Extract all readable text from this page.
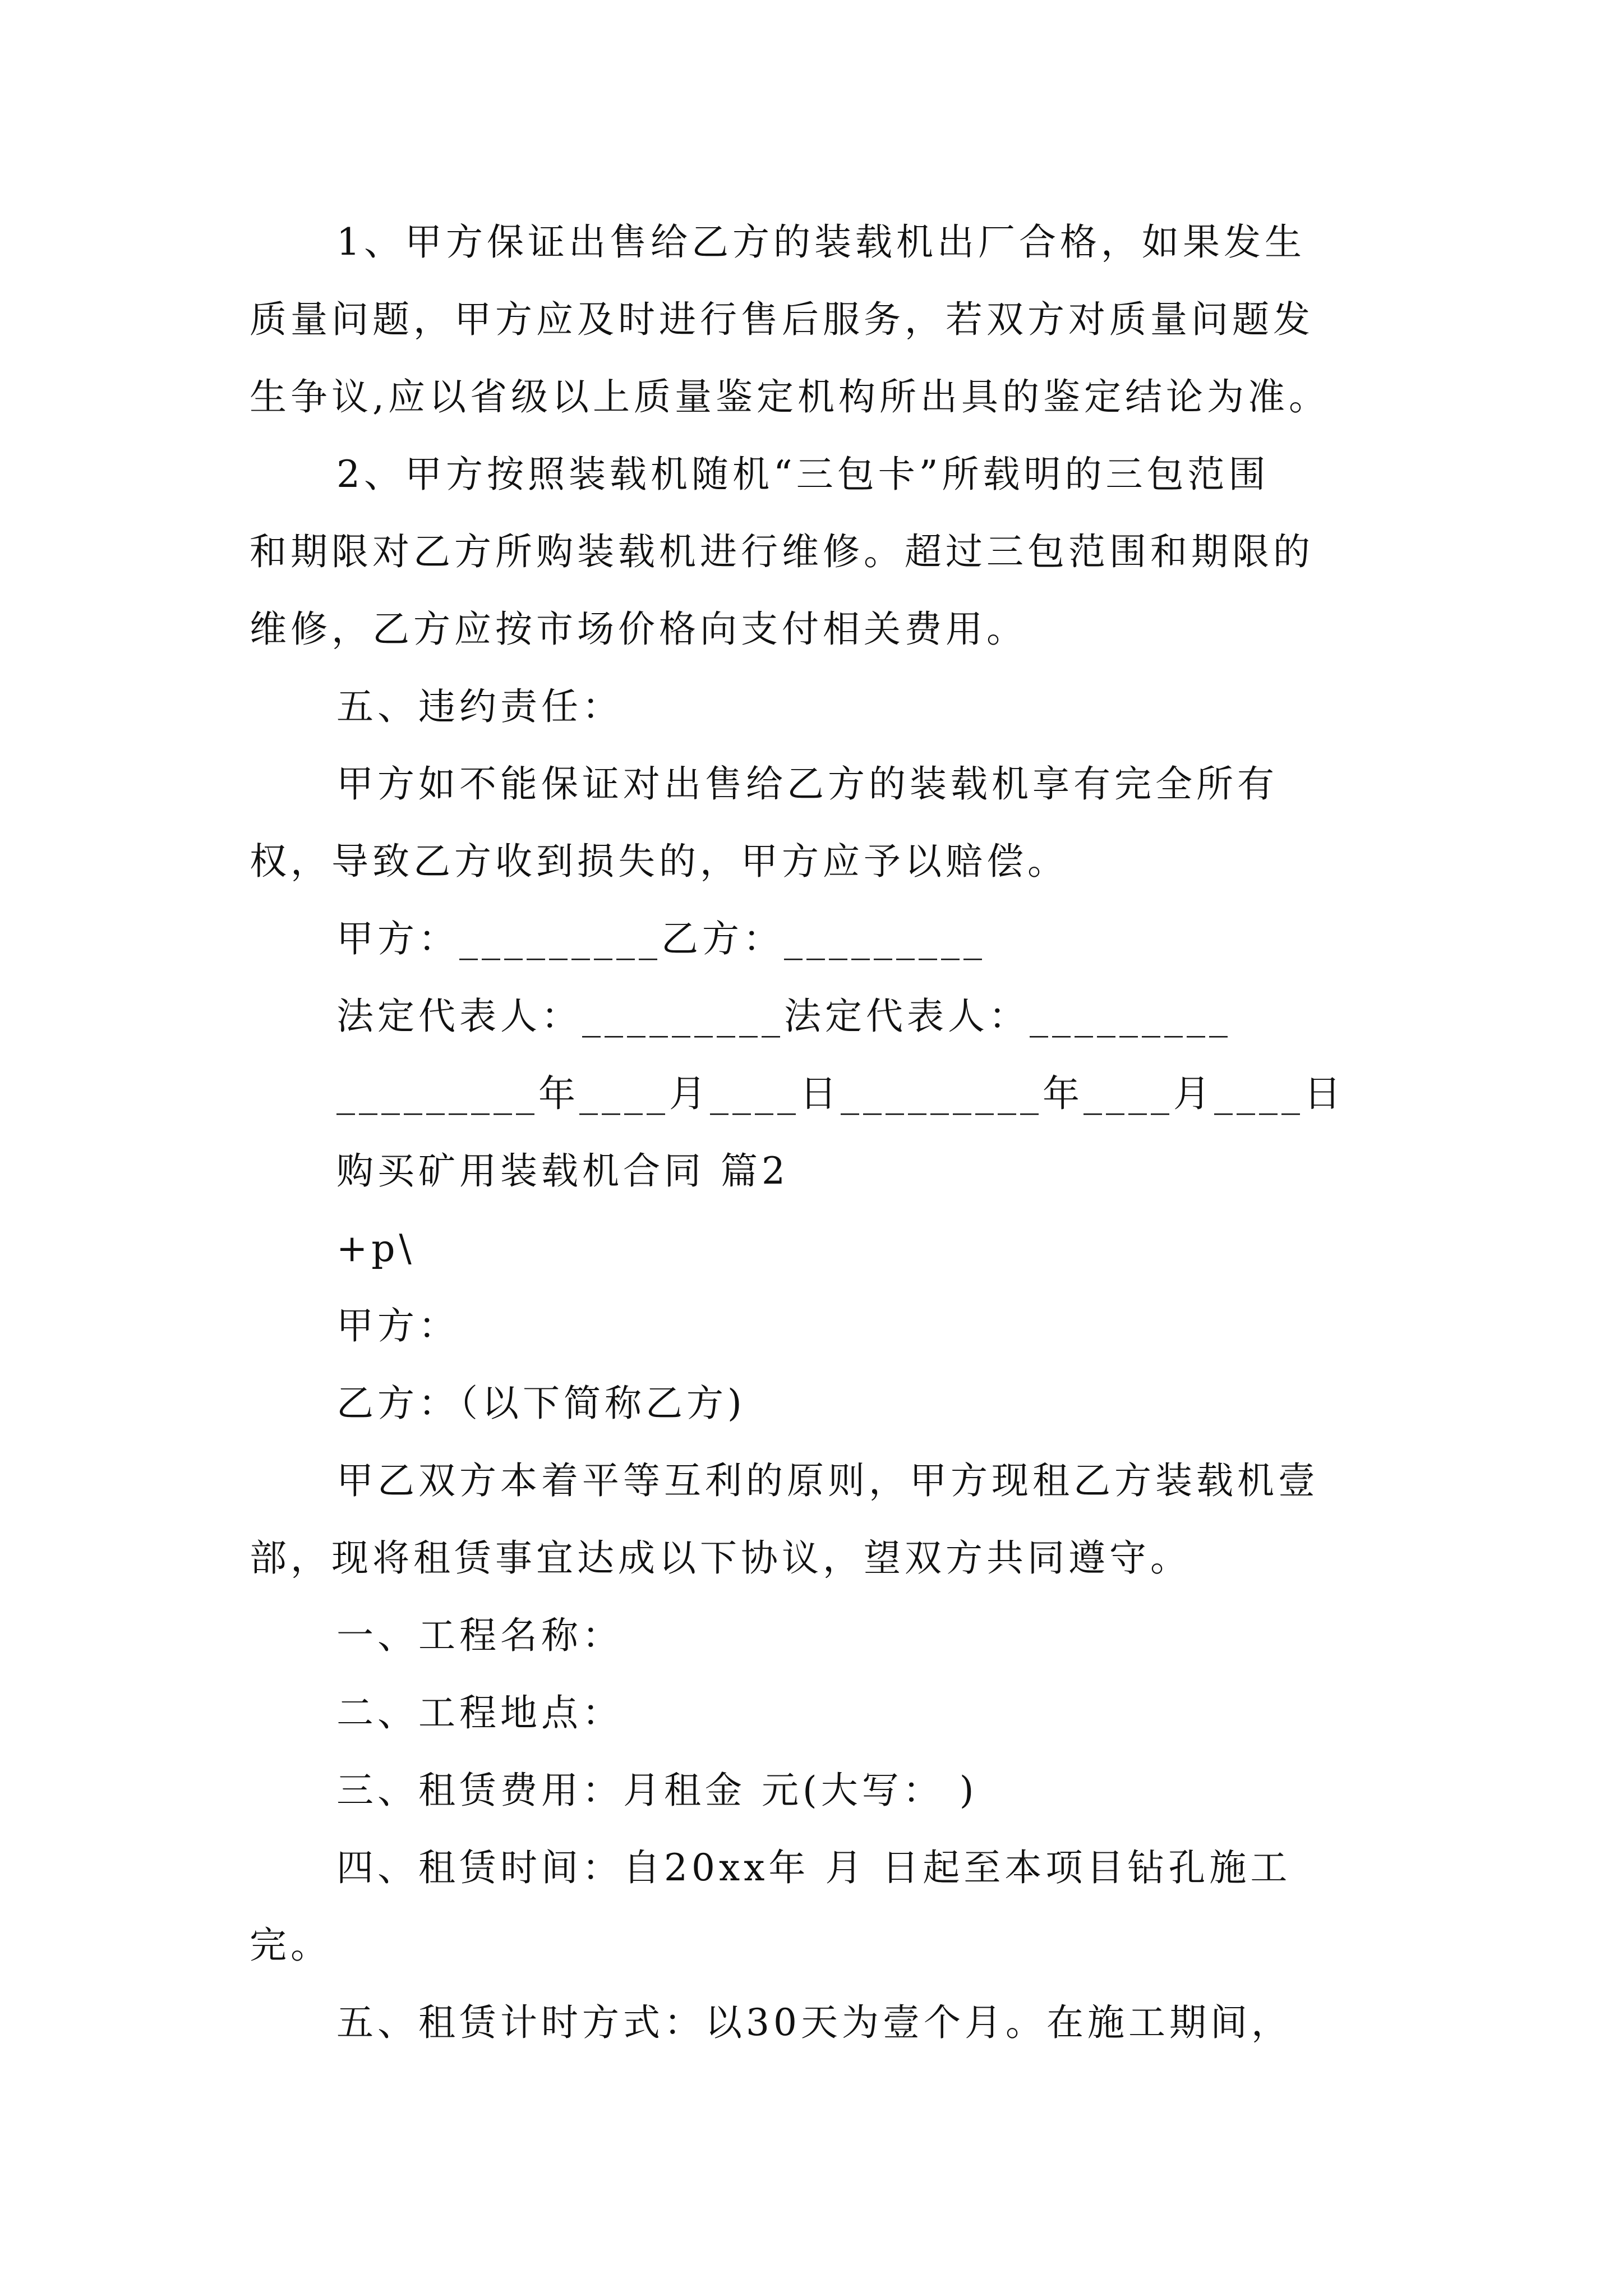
1、甲方保证出售给乙方的装载机出厂合格，如果发生
质量问题，甲方应及时进行售后服务，若双方对质量问题发
生争议,应以省级以上质量鉴定机构所出具的鉴定结论为准。
2、甲方按照装载机随机“三包卡”所载明的三包范围
和期限对乙方所购装载机进行维修。超过三包范围和期限的
维修，乙方应按市场价格向支付相关费用。
五、违约责任：
甲方如不能保证对出售给乙方的装载机享有完全所有
权，导致乙方收到损失的，甲方应予以赔偿。
甲方：_________乙方：_________
法定代表人：_________法定代表人：_________
_________年____月____日_________年____月____日
购买矿用装载机合同 篇2
+p\
甲方：
乙方：（以下简称乙方)
甲乙双方本着平等互利的原则，甲方现租乙方装载机壹
部，现将租赁事宜达成以下协议，望双方共同遵守。
一、工程名称：
二、工程地点：
三、租赁费用：月租金 元(大写： )
四、租赁时间：自20xx年 月 日起至本项目钻孔施工
完。
五、租赁计时方式：以30天为壹个月。在施工期间，
